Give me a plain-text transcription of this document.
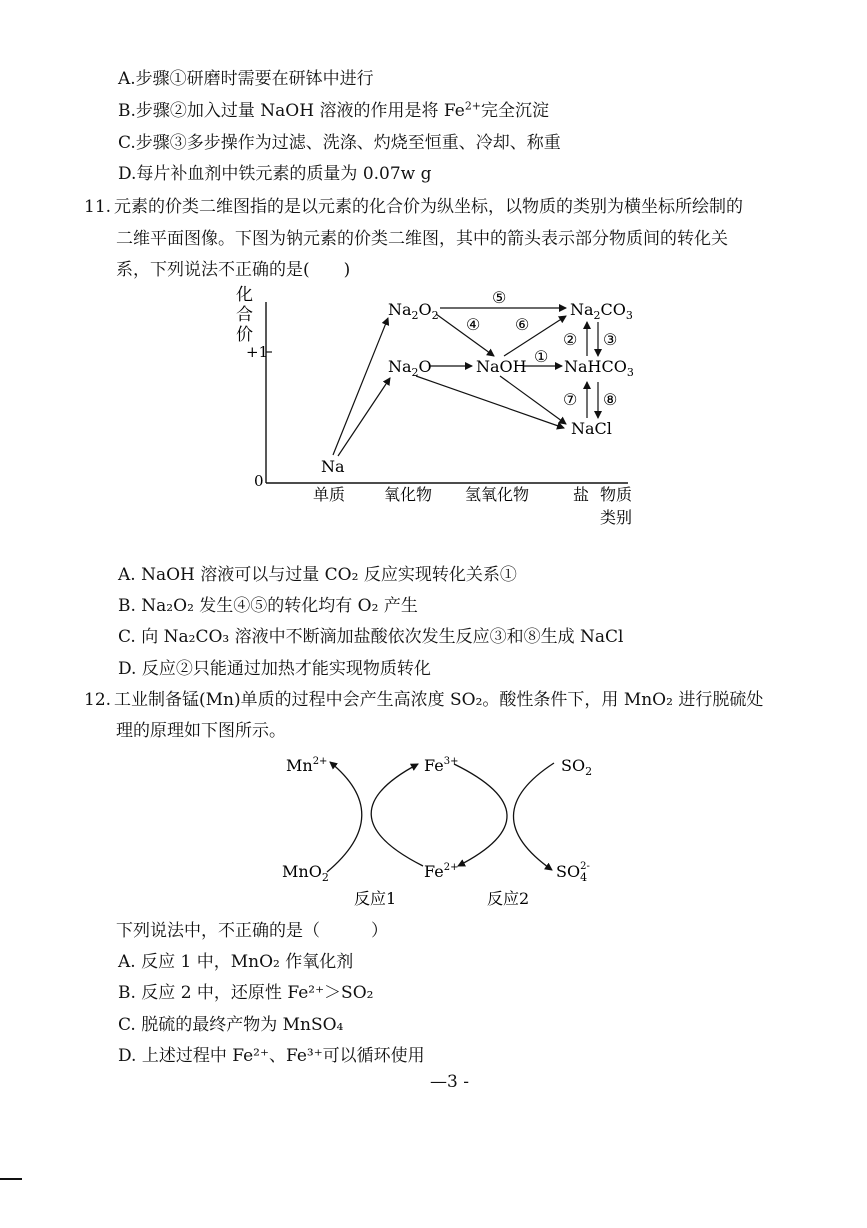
A.步骤①研磨时需要在研钵中进行
B.步骤②加入过量 NaOH 溶液的作用是将 $Fe^{2+}$完全沉淀
C.步骤③多步操作为过滤、洗涤、灼烧至恒重、冷却、称重
D.每片补血剂中铁元素的质量为 0.07w g
11. 元素的价类二维图指的是以元素的化合价为纵坐标，以物质的类别为横坐标所绘制的
二维平面图像。下图为钠元素的价类二维图，其中的箭头表示部分物质间的转化关
系，下列说法不正确的是(　　)
化
合
价
+1
0
单质 氧化物 氢氧化物	盐 物质
类别
Na
$Na_2O_2$
$Na_2O$	NaOH
$Na_2CO_3$
NaHCO$_3$
NaCl
⑤
④ ⑥
①
② ③
⑦ ⑧
$Mn^{2+}$	$Fe^{3+}$	$SO_2$
MnO$_2$	$Fe^{2+}$	$SO_42-$
反应1	反应2
A. NaOH 溶液可以与过量 CO₂ 反应实现转化关系①
B. Na₂O₂ 发生④⑤的转化均有 O₂ 产生
C. 向 Na₂CO₃ 溶液中不断滴加盐酸依次发生反应③和⑧生成 NaCl
D. 反应②只能通过加热才能实现物质转化
12. 工业制备锰(Mn)单质的过程中会产生高浓度 SO₂。酸性条件下，用 MnO₂ 进行脱硫处
理的原理如下图所示。
下列说法中，不正确的是（　　　）
A. 反应 1 中，MnO₂ 作氧化剂
B. 反应 2 中，还原性 Fe²⁺＞SO₂
C. 脱硫的最终产物为 MnSO₄
D. 上述过程中 Fe²⁺、Fe³⁺可以循环使用
—3 -
